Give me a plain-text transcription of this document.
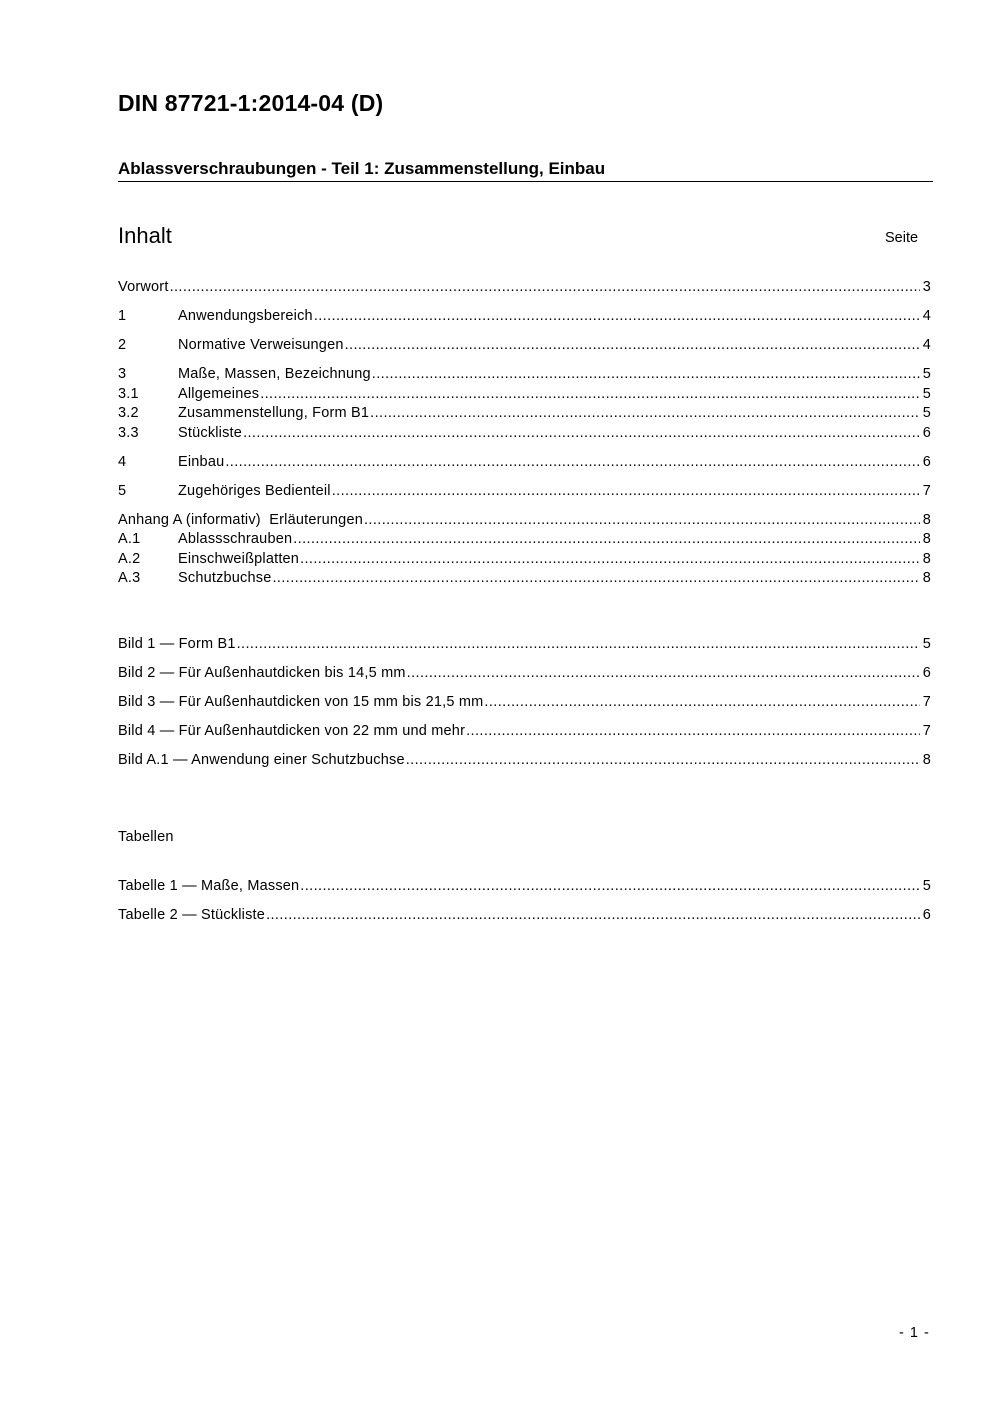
DIN 87721-1:2014-04 (D)
Ablassverschraubungen - Teil 1: Zusammenstellung, Einbau
Inhalt	Seite
Vorwort .....	3
1	Anwendungsbereich .....	4
2	Normative Verweisungen .....	4
3	Maße, Massen, Bezeichnung .....	5
3.1	Allgemeines .....	5
3.2	Zusammenstellung, Form B1 .....	5
3.3	Stückliste .....	6
4	Einbau .....	6
5	Zugehöriges Bedienteil .....	7
Anhang A (informativ)  Erläuterungen .....	8
A.1	Ablassschrauben .....	8
A.2	Einschweißplatten .....	8
A.3	Schutzbuchse .....	8
Bild 1 — Form B1 .....	5
Bild 2 — Für Außenhautdicken bis 14,5 mm .....	6
Bild 3 — Für Außenhautdicken von 15 mm bis 21,5 mm .....	7
Bild 4 — Für Außenhautdicken von 22 mm und mehr .....	7
Bild A.1 — Anwendung einer Schutzbuchse .....	8
Tabellen
Tabelle 1 — Maße, Massen .....	5
Tabelle 2 — Stückliste .....	6
- 1 -
